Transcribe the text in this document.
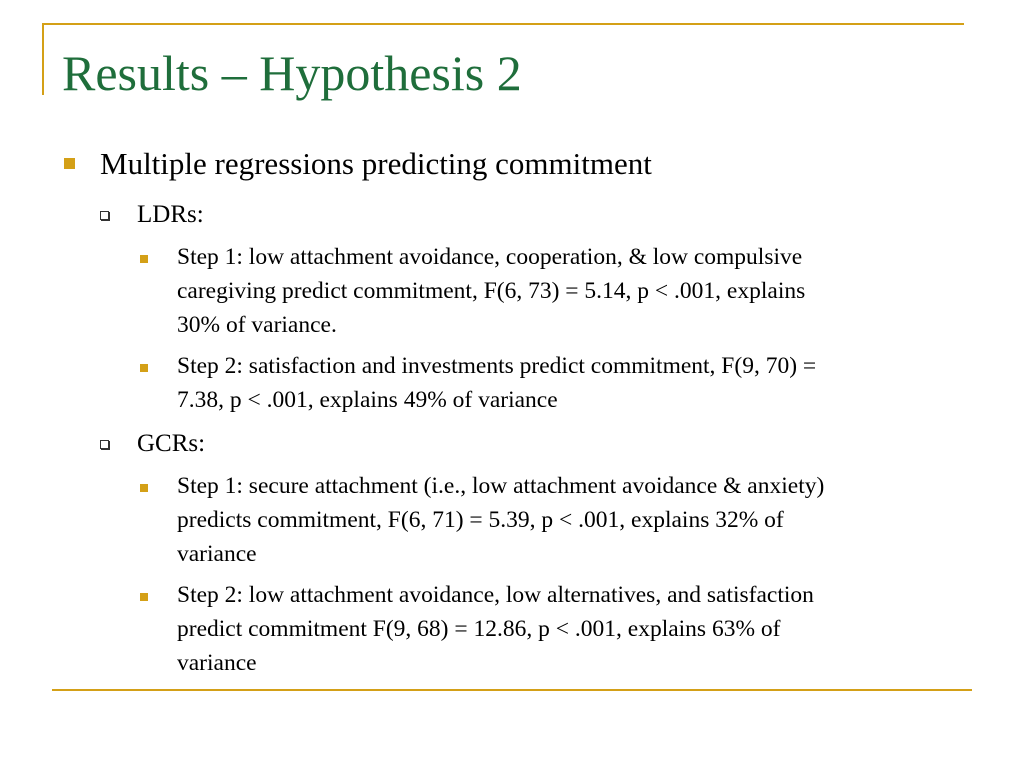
Results – Hypothesis 2
Multiple regressions predicting commitment
LDRs:
Step 1: low attachment avoidance, cooperation, & low compulsive
caregiving predict commitment, F(6, 73) = 5.14, p < .001, explains
30% of variance.
Step 2: satisfaction and investments predict commitment, F(9, 70) =
7.38, p < .001, explains 49% of variance
GCRs:
Step 1: secure attachment (i.e., low attachment avoidance & anxiety)
predicts commitment, F(6, 71) = 5.39, p < .001, explains 32% of
variance
Step 2: low attachment avoidance, low alternatives, and satisfaction
predict commitment F(9, 68) = 12.86, p < .001, explains 63% of
variance
